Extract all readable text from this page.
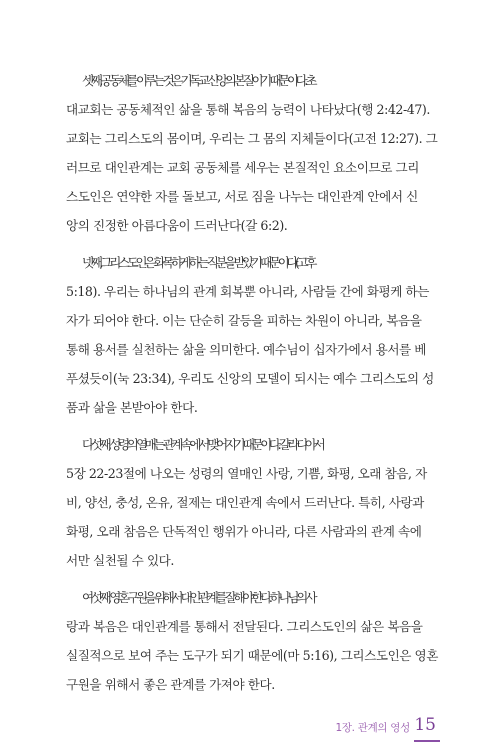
셋째, 공동체를 이루는 것은 기독교 신앙의 본질이기 때문이다. 초
대교회는 공동체적인 삶을 통해 복음의 능력이 나타났다(행 2:42-47).
교회는 그리스도의 몸이며, 우리는 그 몸의 지체들이다(고전 12:27). 그
러므로 대인관계는 교회 공동체를 세우는 본질적인 요소이므로 그리
스도인은 연약한 자를 돌보고, 서로 짐을 나누는 대인관계 안에서 신
앙의 진정한 아름다움이 드러난다(갈 6:2).

넷째, 그리스도인은 화목하게 하는 직분을 받았기 때문이다(고후
5:18). 우리는 하나님의 관계 회복뿐 아니라, 사람들 간에 화평케 하는
자가 되어야 한다. 이는 단순히 갈등을 피하는 차원이 아니라, 복음을
통해 용서를 실천하는 삶을 의미한다. 예수님이 십자가에서 용서를 베
푸셨듯이(눅 23:34), 우리도 신앙의 모델이 되시는 예수 그리스도의 성
품과 삶을 본받아야 한다.

다섯째, 성령의 열매는 관계 속에서 맺어지기 때문이다. 갈라디아서
5장 22-23절에 나오는 성령의 열매인 사랑, 기쁨, 화평, 오래 참음, 자
비, 양선, 충성, 온유, 절제는 대인관계 속에서 드러난다. 특히, 사랑과
화평, 오래 참음은 단독적인 행위가 아니라, 다른 사람과의 관계 속에
서만 실천될 수 있다.

여섯째, 영혼 구원을 위해서 대인관계를 잘해야 한다. 하나님의 사
랑과 복음은 대인관계를 통해서 전달된다. 그리스도인의 삶은 복음을
실질적으로 보여 주는 도구가 되기 때문에(마 5:16), 그리스도인은 영혼
구원을 위해서 좋은 관계를 가져야 한다.

1장. 관계의 영성 15
